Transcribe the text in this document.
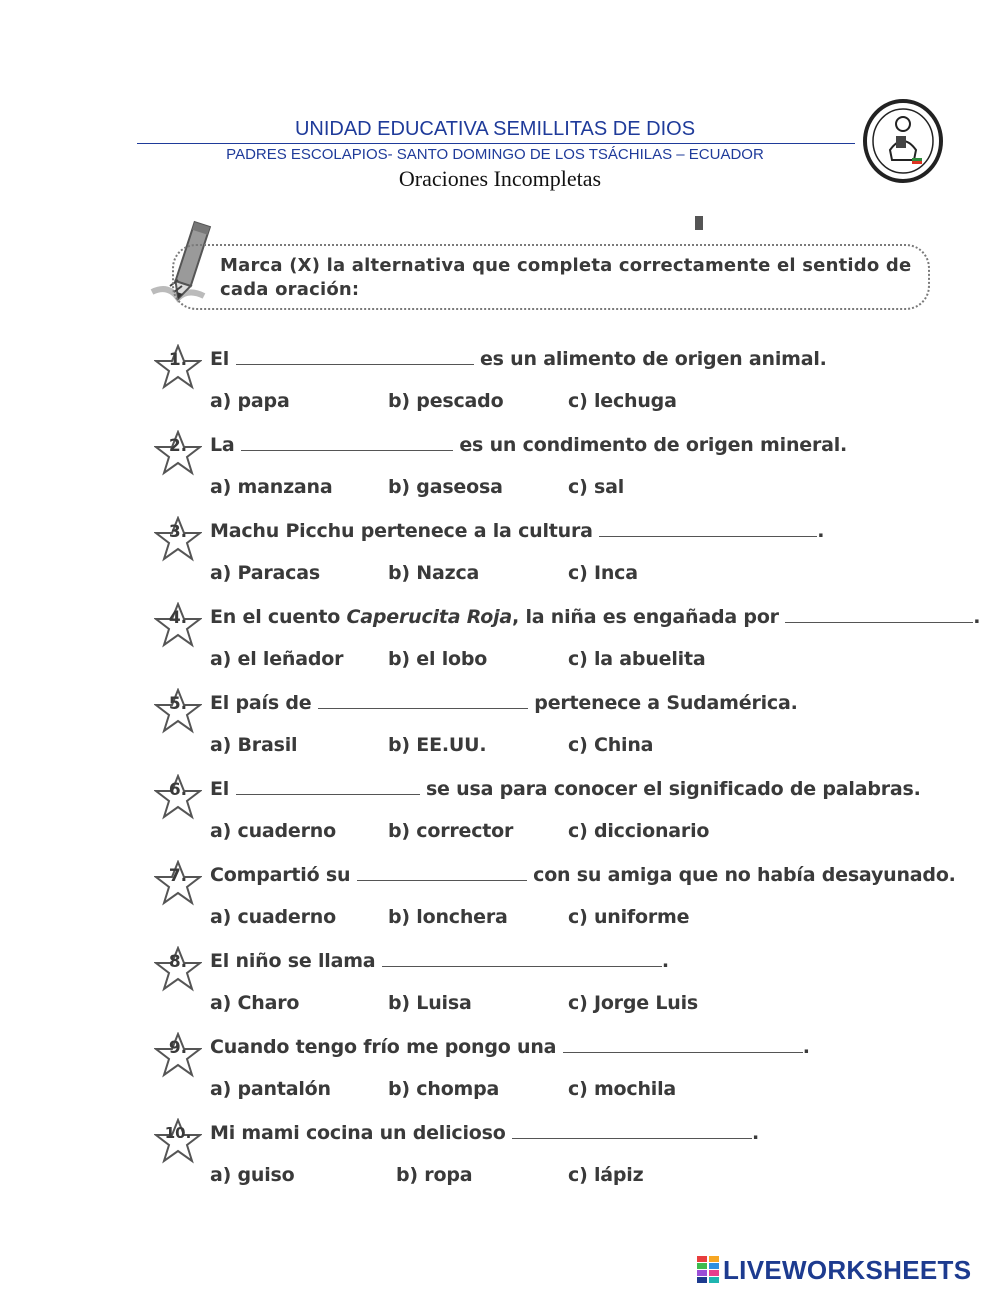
UNIDAD EDUCATIVA SEMILLITAS DE DIOS
PADRES ESCOLAPIOS- SANTO DOMINGO DE LOS TSÁCHILAS – ECUADOR
Oraciones Incompletas
Marca (X) la alternativa que completa correctamente el sentido de cada oración:
1.	El	es un alimento de origen animal.
a) papa	b) pescado	c) lechuga
2.	La	es un condimento de origen mineral.
a) manzana	b) gaseosa	c) sal
3.	Machu Picchu pertenece a la cultura	.
a) Paracas	b) Nazca	c) Inca
4.	En el cuento Caperucita Roja, la niña es engañada por	.
a) el leñador b) el lobo	c) la abuelita
5.	El país de	pertenece a Sudamérica.
a) Brasil	b) EE.UU.	c) China
6.	El	se usa para conocer el significado de palabras.
a) cuaderno	b) corrector	c) diccionario
7.	Compartió su	con su amiga que no había desayunado.
a) cuaderno	b) lonchera	c) uniforme
8.	El niño se llama	.
a) Charo	b) Luisa	c) Jorge Luis
9.	Cuando tengo frío me pongo una	.
a) pantalón	b) chompa	c) mochila
10. Mi mami cocina un delicioso	.
a) guiso	b) ropa	c) lápiz
LIVEWORKSHEETS
